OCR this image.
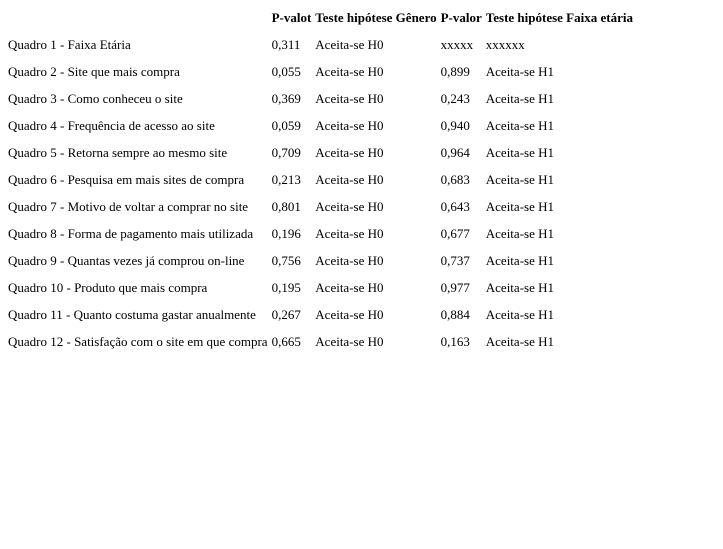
	P-valot	Teste hipótese Gênero	P-valor	Teste hipótese Faixa etária
Quadro 1 - Faixa Etária	0,311	Aceita-se H0	xxxxx	xxxxxx
Quadro 2 - Site que mais compra	0,055	Aceita-se H0	0,899	Aceita-se H1
Quadro 3 - Como conheceu o site	0,369	Aceita-se H0	0,243	Aceita-se H1
Quadro 4 - Frequência de acesso ao site	0,059	Aceita-se H0	0,940	Aceita-se H1
Quadro 5 - Retorna sempre ao mesmo site	0,709	Aceita-se H0	0,964	Aceita-se H1
Quadro 6 - Pesquisa em mais sites de compra	0,213	Aceita-se H0	0,683	Aceita-se H1
Quadro 7 - Motivo de voltar a comprar no site	0,801	Aceita-se H0	0,643	Aceita-se H1
Quadro 8 - Forma de pagamento mais utilizada	0,196	Aceita-se H0	0,677	Aceita-se H1
Quadro 9 - Quantas vezes já comprou on-line	0,756	Aceita-se H0	0,737	Aceita-se H1
Quadro 10 - Produto que mais compra	0,195	Aceita-se H0	0,977	Aceita-se H1
Quadro 11 - Quanto costuma gastar anualmente	0,267	Aceita-se H0	0,884	Aceita-se H1
Quadro 12 - Satisfação com o site em que compra	0,665	Aceita-se H0	0,163	Aceita-se H1
